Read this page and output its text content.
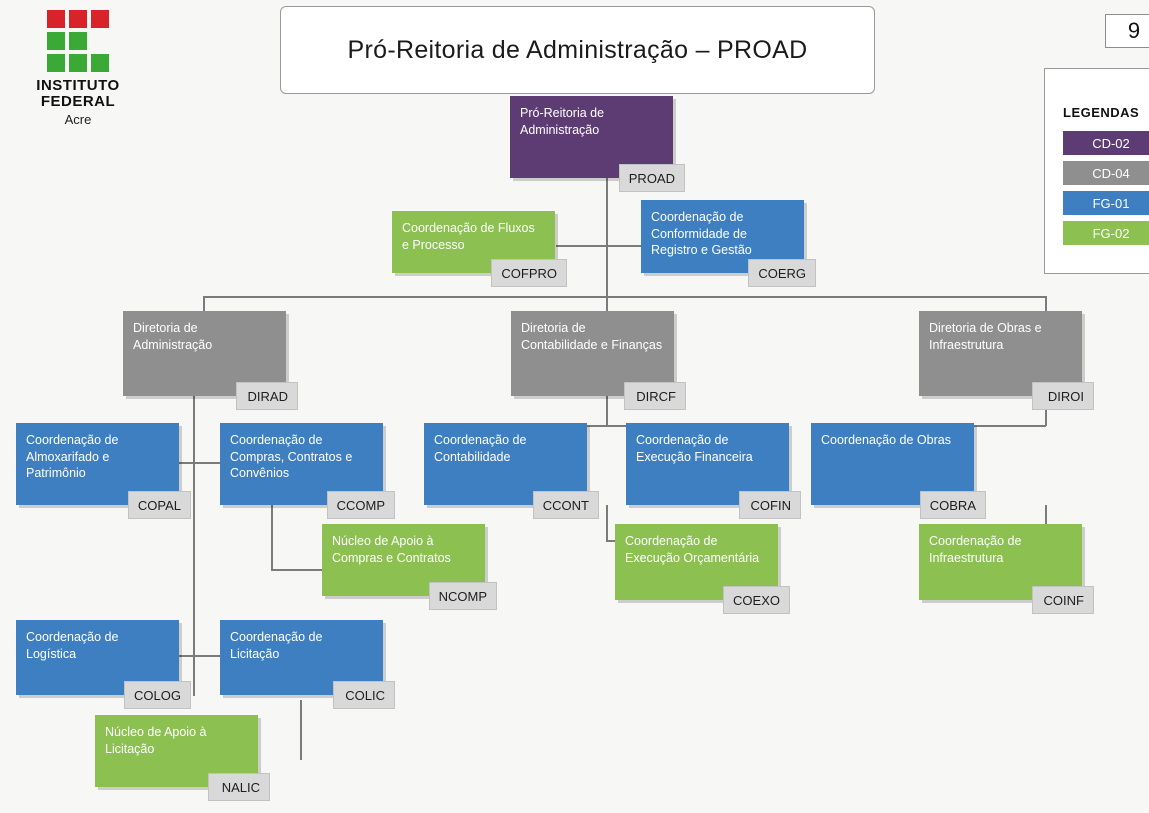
INSTITUTO FEDERAL
Acre
Pró-Reitoria de Administração – PROAD
9
LEGENDAS
CD-02
CD-04
FG-01
FG-02
Pró-Reitoria de Administração
PROAD
Coordenação de Fluxos e Processo
COFPRO
Coordenação de Conformidade de Registro e Gestão
COERG
Diretoria de Administração
DIRAD
Diretoria de Contabilidade e Finanças
DIRCF
Diretoria de Obras e Infraestrutura
DIROI
Coordenação de Almoxarifado e Patrimônio
COPAL
Coordenação de Compras, Contratos e Convênios
CCOMP
Núcleo de Apoio à Compras e Contratos
NCOMP
Coordenação de Logística
COLOG
Coordenação de Licitação
COLIC
Núcleo de Apoio à Licitação
NALIC
Coordenação de Contabilidade
CCONT
Coordenação de Execução Financeira
COFIN
Coordenação de Execução Orçamentária
COEXO
Coordenação de Obras
COBRA
Coordenação de Infraestrutura
COINF
